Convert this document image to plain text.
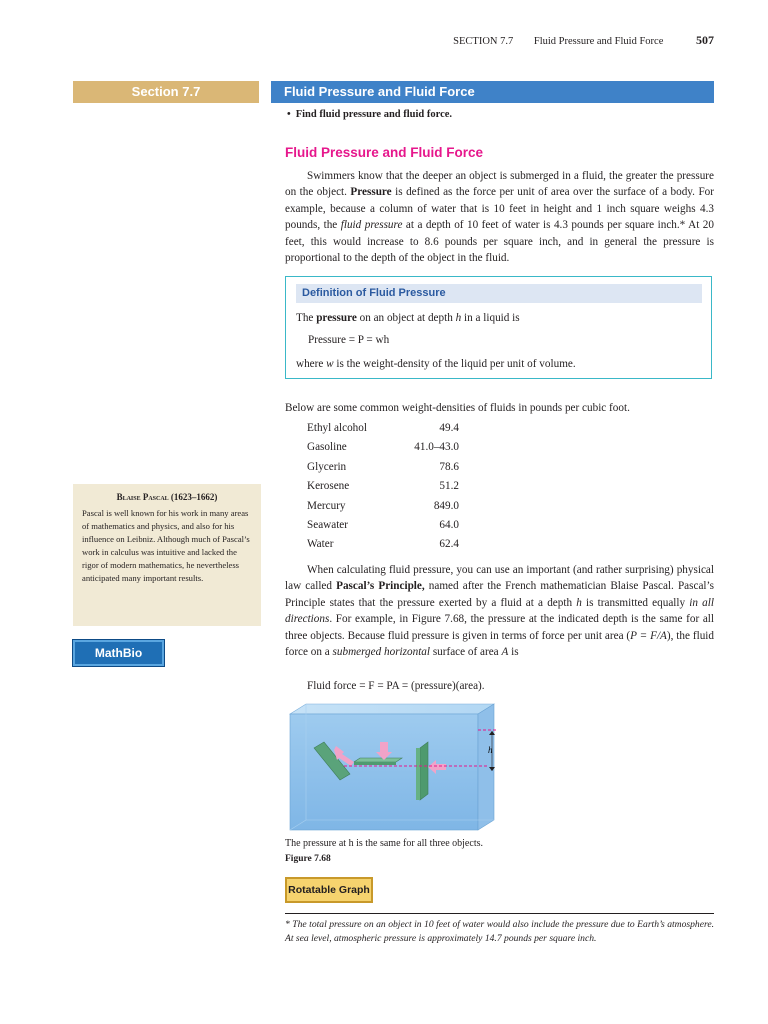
SECTION 7.7 Fluid Pressure and Fluid Force	507
Section 7.7	Fluid Pressure and Fluid Force
• Find fluid pressure and fluid force.
Fluid Pressure and Fluid Force

Swimmers know that the deeper an object is submerged in a fluid, the greater the pressure on the object. Pressure is defined as the force per unit of area over the surface of a body. For example, because a column of water that is 10 feet in height and 1 inch square weighs 4.3 pounds, the fluid pressure at a depth of 10 feet of water is 4.3 pounds per square inch.* At 20 feet, this would increase to 8.6 pounds per square inch, and in general the pressure is proportional to the depth of the object in the fluid.

Definition of Fluid Pressure
The pressure on an object at depth h in a liquid is
Pressure = P = wh
where w is the weight-density of the liquid per unit of volume.
Below are some common weight-densities of fluids in pounds per cubic foot.
Ethyl alcohol	49.4
Gasoline	41.0–43.0
Glycerin	78.6
Kerosene	51.2
Mercury	849.0
Seawater	64.0
Water	62.4
Blaise Pascal (1623–1662)
Pascal is well known for his work in many areas of mathematics and physics, and also for his influence on Leibniz. Although much of Pascal’s work in calculus was intuitive and lacked the rigor of modern mathematics, he nevertheless anticipated many important results.
MathBio

When calculating fluid pressure, you can use an important (and rather surprising) physical law called Pascal’s Principle, named after the French mathematician Blaise Pascal. Pascal’s Principle states that the pressure exerted by a fluid at a depth h is transmitted equally in all directions. For example, in Figure 7.68, the pressure at the indicated depth is the same for all three objects. Because fluid pressure is given in terms of force per unit area (P = F/A), the fluid force on a submerged horizontal surface of area A is

Fluid force = F = PA = (pressure)(area).
h
The pressure at h is the same for all three objects.
Figure 7.68
Rotatable Graph
* The total pressure on an object in 10 feet of water would also include the pressure due to Earth’s atmosphere. At sea level, atmospheric pressure is approximately 14.7 pounds per square inch.
